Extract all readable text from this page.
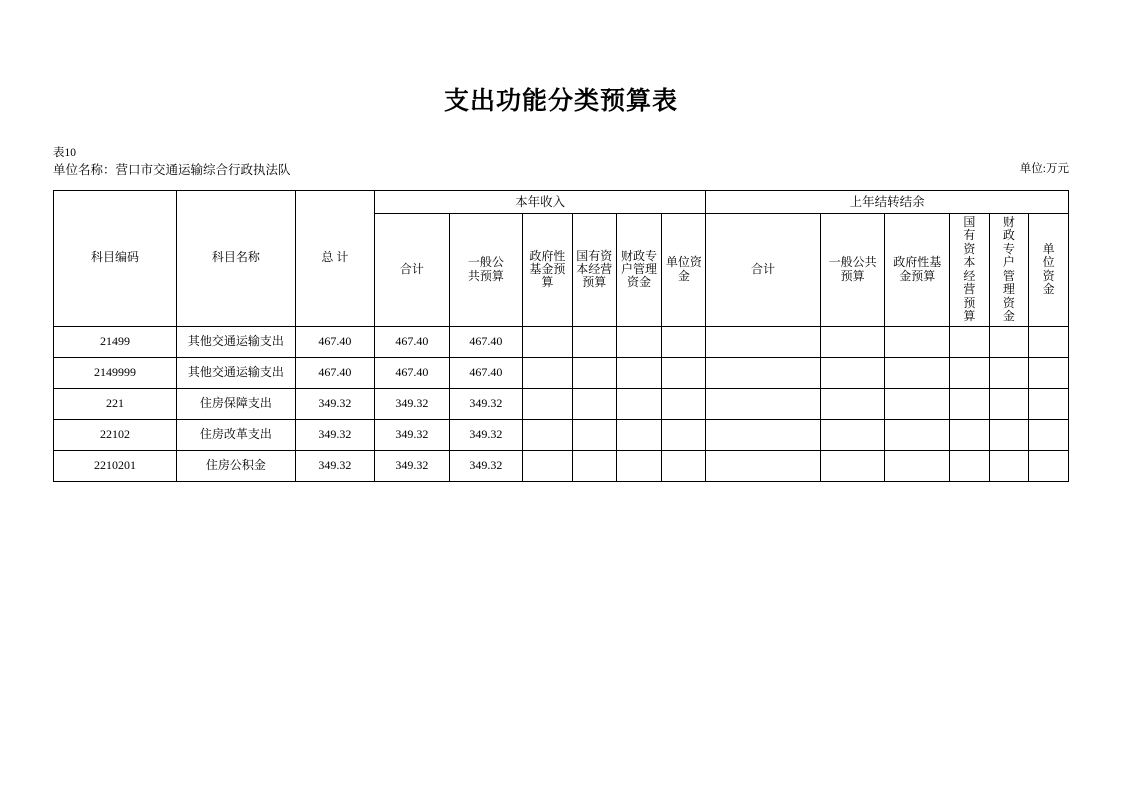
支出功能分类预算表
表10
单位名称：营口市交通运输综合行政执法队	单位:万元
科目编码	科目名称	总 计	本年收入						上年结转结余					

			合计	一般公共预算	政府性基金预算	国有资本经营预算	财政专户管理资金	单位资金	合计	一般公共预算	政府性基金预算	国有资本经营预算	财政专户管理资金	单位资金

21499	其他交通运输支出	467.40	467.40	467.40										
2149999	其他交通运输支出	467.40	467.40	467.40										
221	住房保障支出	349.32	349.32	349.32										
22102	住房改革支出	349.32	349.32	349.32										
2210201	住房公积金	349.32	349.32	349.32										
